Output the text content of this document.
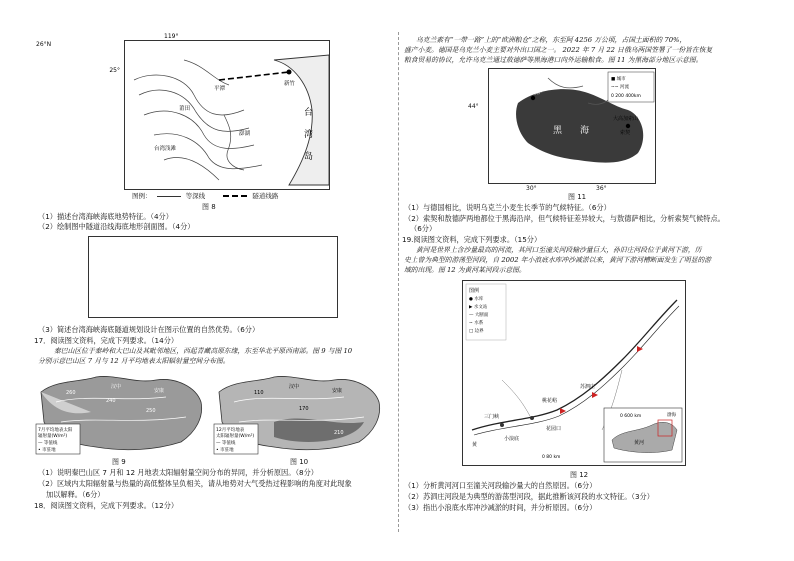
119°
25°
台
湾
岛
平潭
新竹
莆田
澎湖
台湾浅滩
26°N
图例：	等深线	隧道线路
图 8
（1）描述台湾海峡海底地势特征。（4分）
（2）绘制图中隧道沿线海底地形剖面图。（4分）
（3）简述台湾海峡海底隧道规划设计在图示位置的自然优势。（6分）
17．阅读图文资料，完成下列要求。（14分）
秦巴山区位于秦岭和大巴山及其毗邻地区，西起青藏高原东缘，东至华北平原西南部。图 9 与图 10
分别示意巴山区 7 月与 12 月平均地表太阳辐射量空间分布图。
260
240
250
汉中
安康
7月平均地表太阳
辐射量(W/m²)
— 等值线
• 市驻地
图 9
110
170
210
汉中
安康
12月平均地表
太阳辐射量(W/m²)
— 等值线
• 市驻地
图 10
（1）说明秦巴山区 7 月和 12 月地表太阳辐射量空间分布的异同，并分析原因。（8分）
（2）区域内太阳辐射量与热量的高低整体呈负相关，请从地势对大气受热过程影响的角度对此现象
加以解释。（6分）
18．阅读图文资料，完成下列要求。（12分）
乌克兰素有“一带一路”上的“欧洲粮仓”之称，东至阿 4256 万公顷，占国土面积的 70%，
盛产小麦。德国是乌克兰小麦主要对外出口国之一。 2022 年 7 月 22 日俄乌两国签署了一份旨在恢复
粮食贸易的协议，允许乌克兰通过敖德萨等黑海港口向外运输粮食。图 11 为黑海部分地区示意图。
■ 城市
~~ 河流
0 200 400km
黑 海
敖德萨
大高加索山
索契
44°
30°	36°
图 11
（1）与德国相比，说明乌克兰小麦生长季节的气候特征。（6分）
（2）索契和敖德萨两地都位于黑海沿岸，但气候特征差异较大，与敖德萨相比，分析索契气候特点。
（6分）
19.阅读图文资料，完成下列要求。（15分）
黄河是世界上含沙量最高的河流，其河口至潼关河段输沙量巨大，孙旧庄河段位于黄河下游，历
史上曾为典型的游荡型河段，自 2002 年小浪底水库冲沙减淤以来，黄河下游河槽断面发生了明显的游
域的出现。图 12 为黄河某河段示意图。
图例
● 水库
▶ 水文站
— 大断面
~ 水系
□ 边界
三门峡
小浪底
黄
桃花峪
花园口
苏泗庄
0 80 km
0 600 km
黄河
渤海
图 12
（1）分析黄河河口至潼关河段输沙量大的自然原因。（6分）
（2）苏泗庄河段是为典型的游荡型河段，据此推断该河段的水文特征。（3分）
（3）指出小浪底水库冲沙减淤的时间，并分析原因。（6分）
